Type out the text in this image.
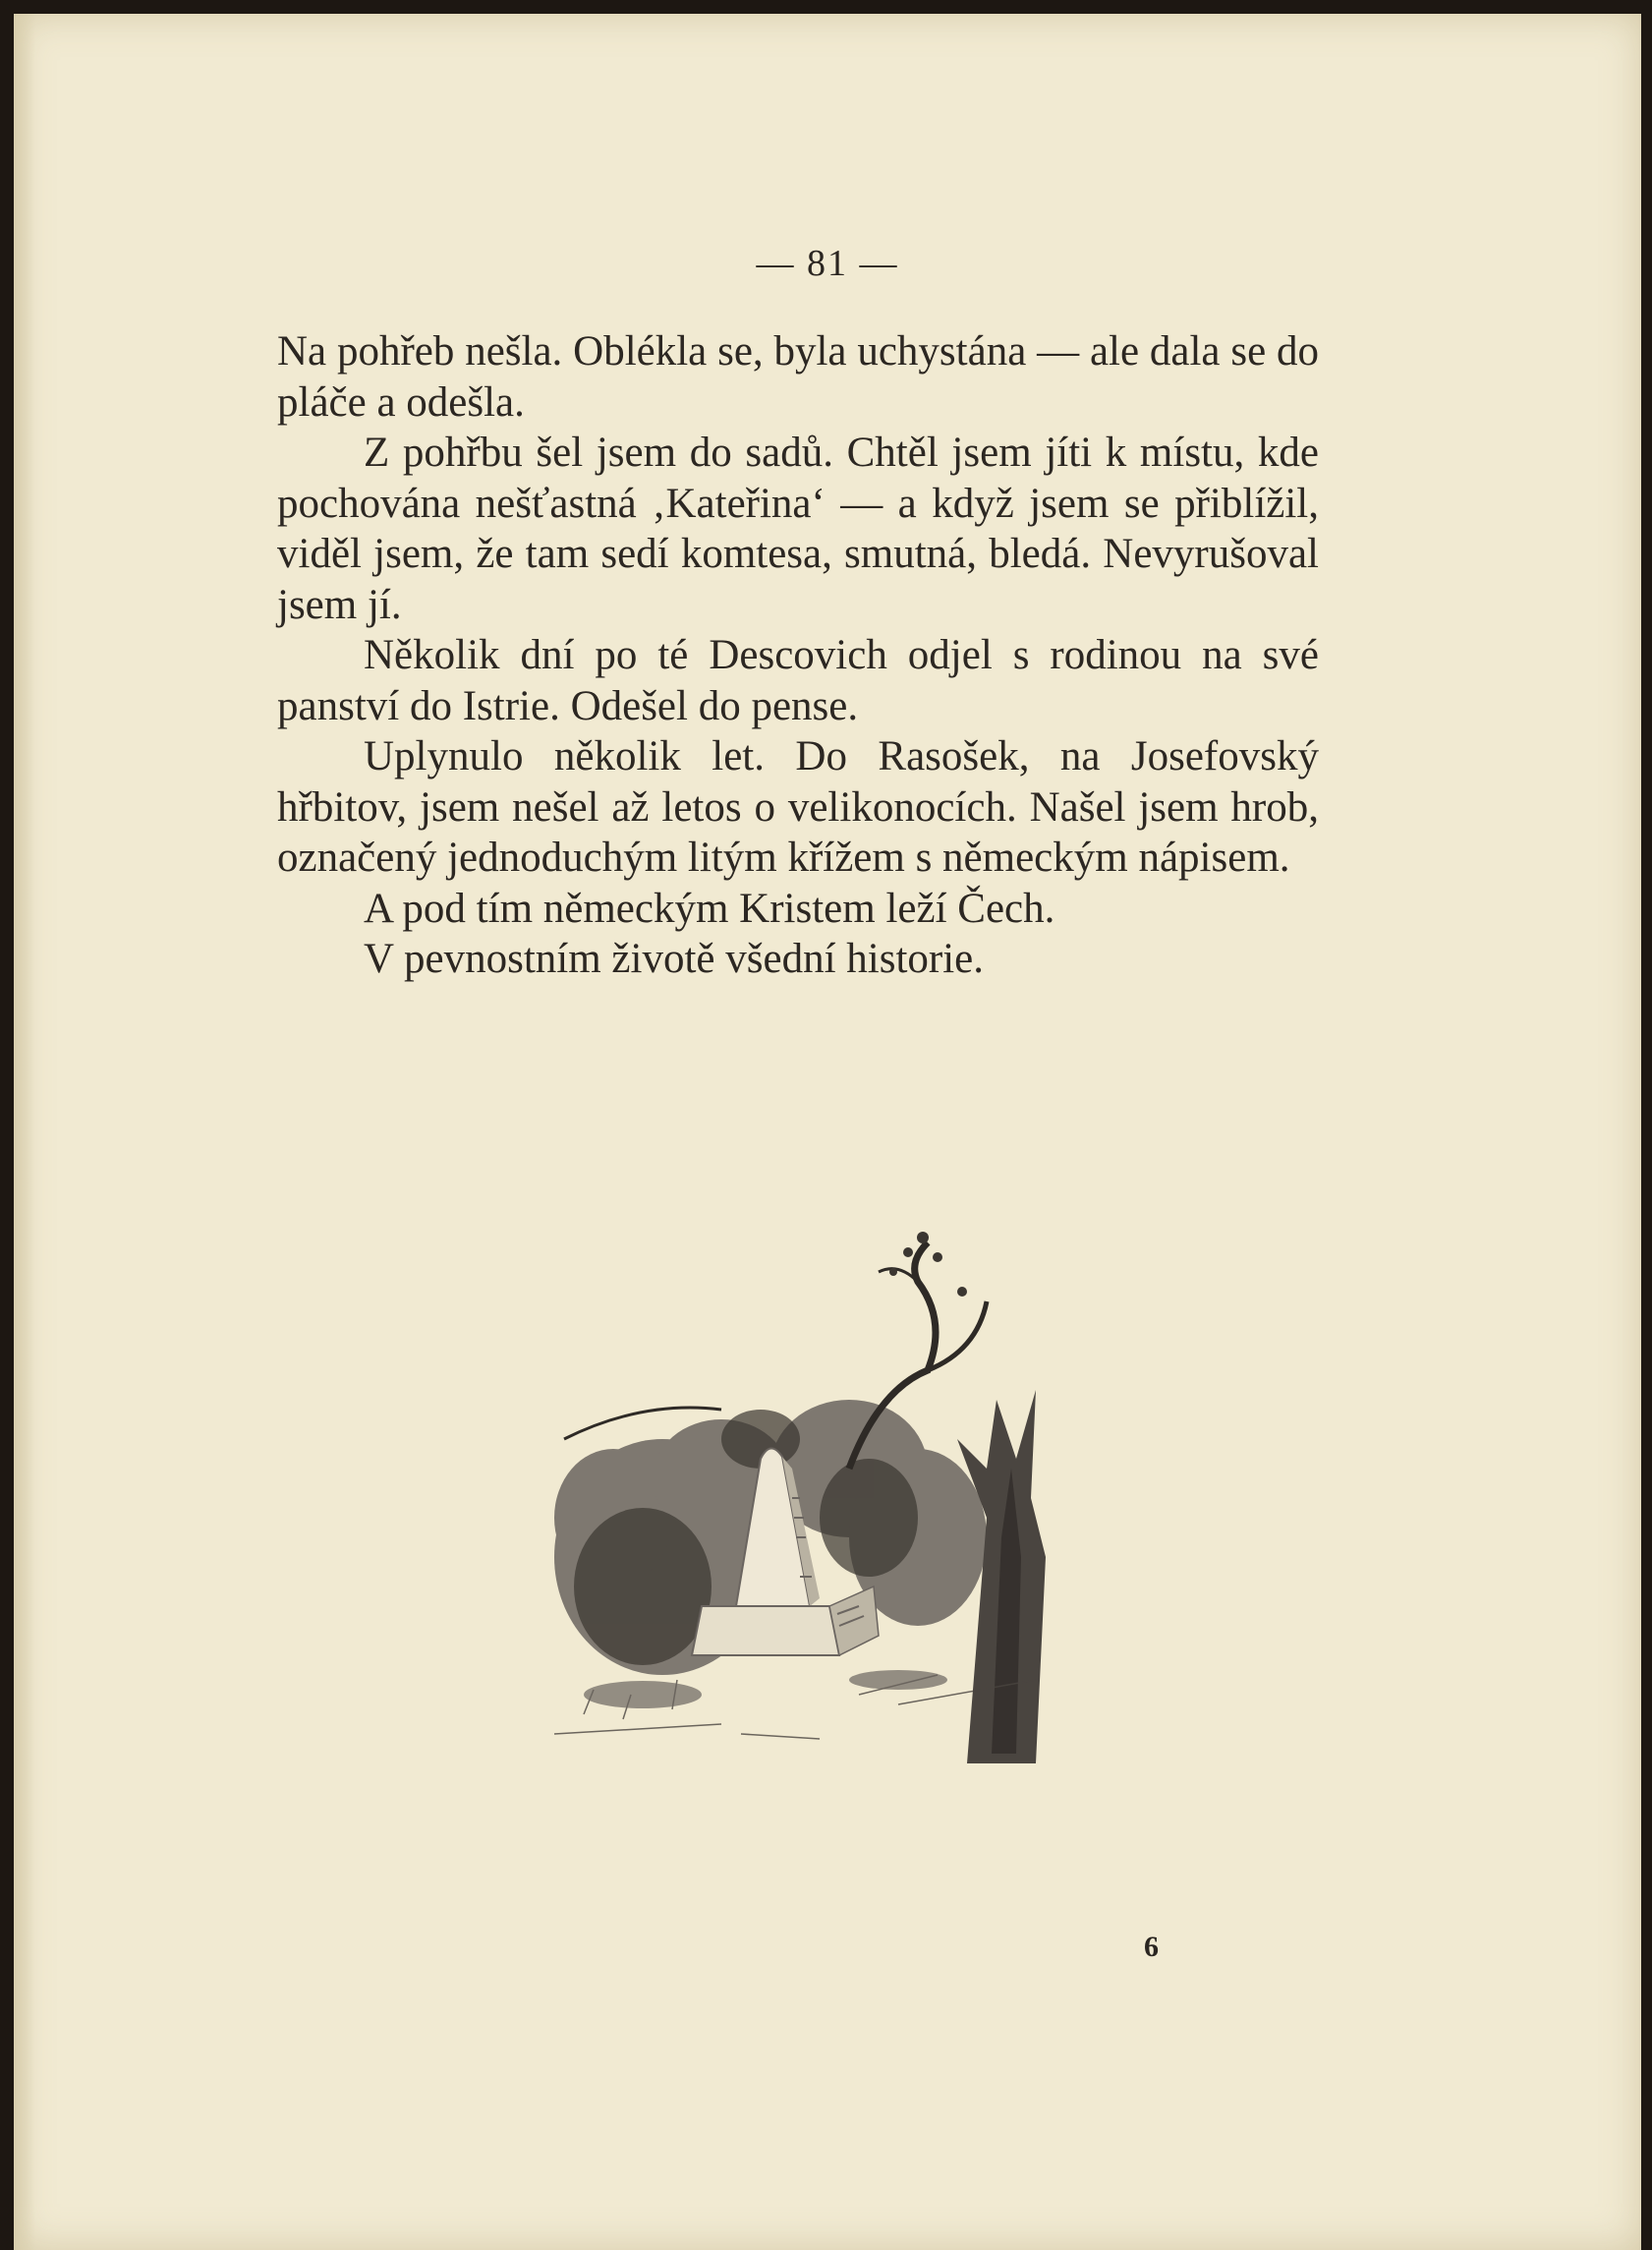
— 81 —

Na pohřeb nešla. Oblékla se, byla uchystána — ale dala se do pláče a odešla.

Z pohřbu šel jsem do sadů. Chtěl jsem jíti k místu, kde pochována nešťastná ‚Kateřina‘ — a když jsem se přiblížil, viděl jsem, že tam sedí komtesa, smutná, bledá. Nevyrušoval jsem jí.

Několik dní po té Descovich odjel s rodinou na své panství do Istrie. Odešel do pense.

Uplynulo několik let. Do Rasošek, na Josefovský hřbitov, jsem nešel až letos o velikonocích. Našel jsem hrob, označený jednoduchým litým křížem s německým nápisem.

A pod tím německým Kristem leží Čech.

V pevnostním životě všední historie.

6
